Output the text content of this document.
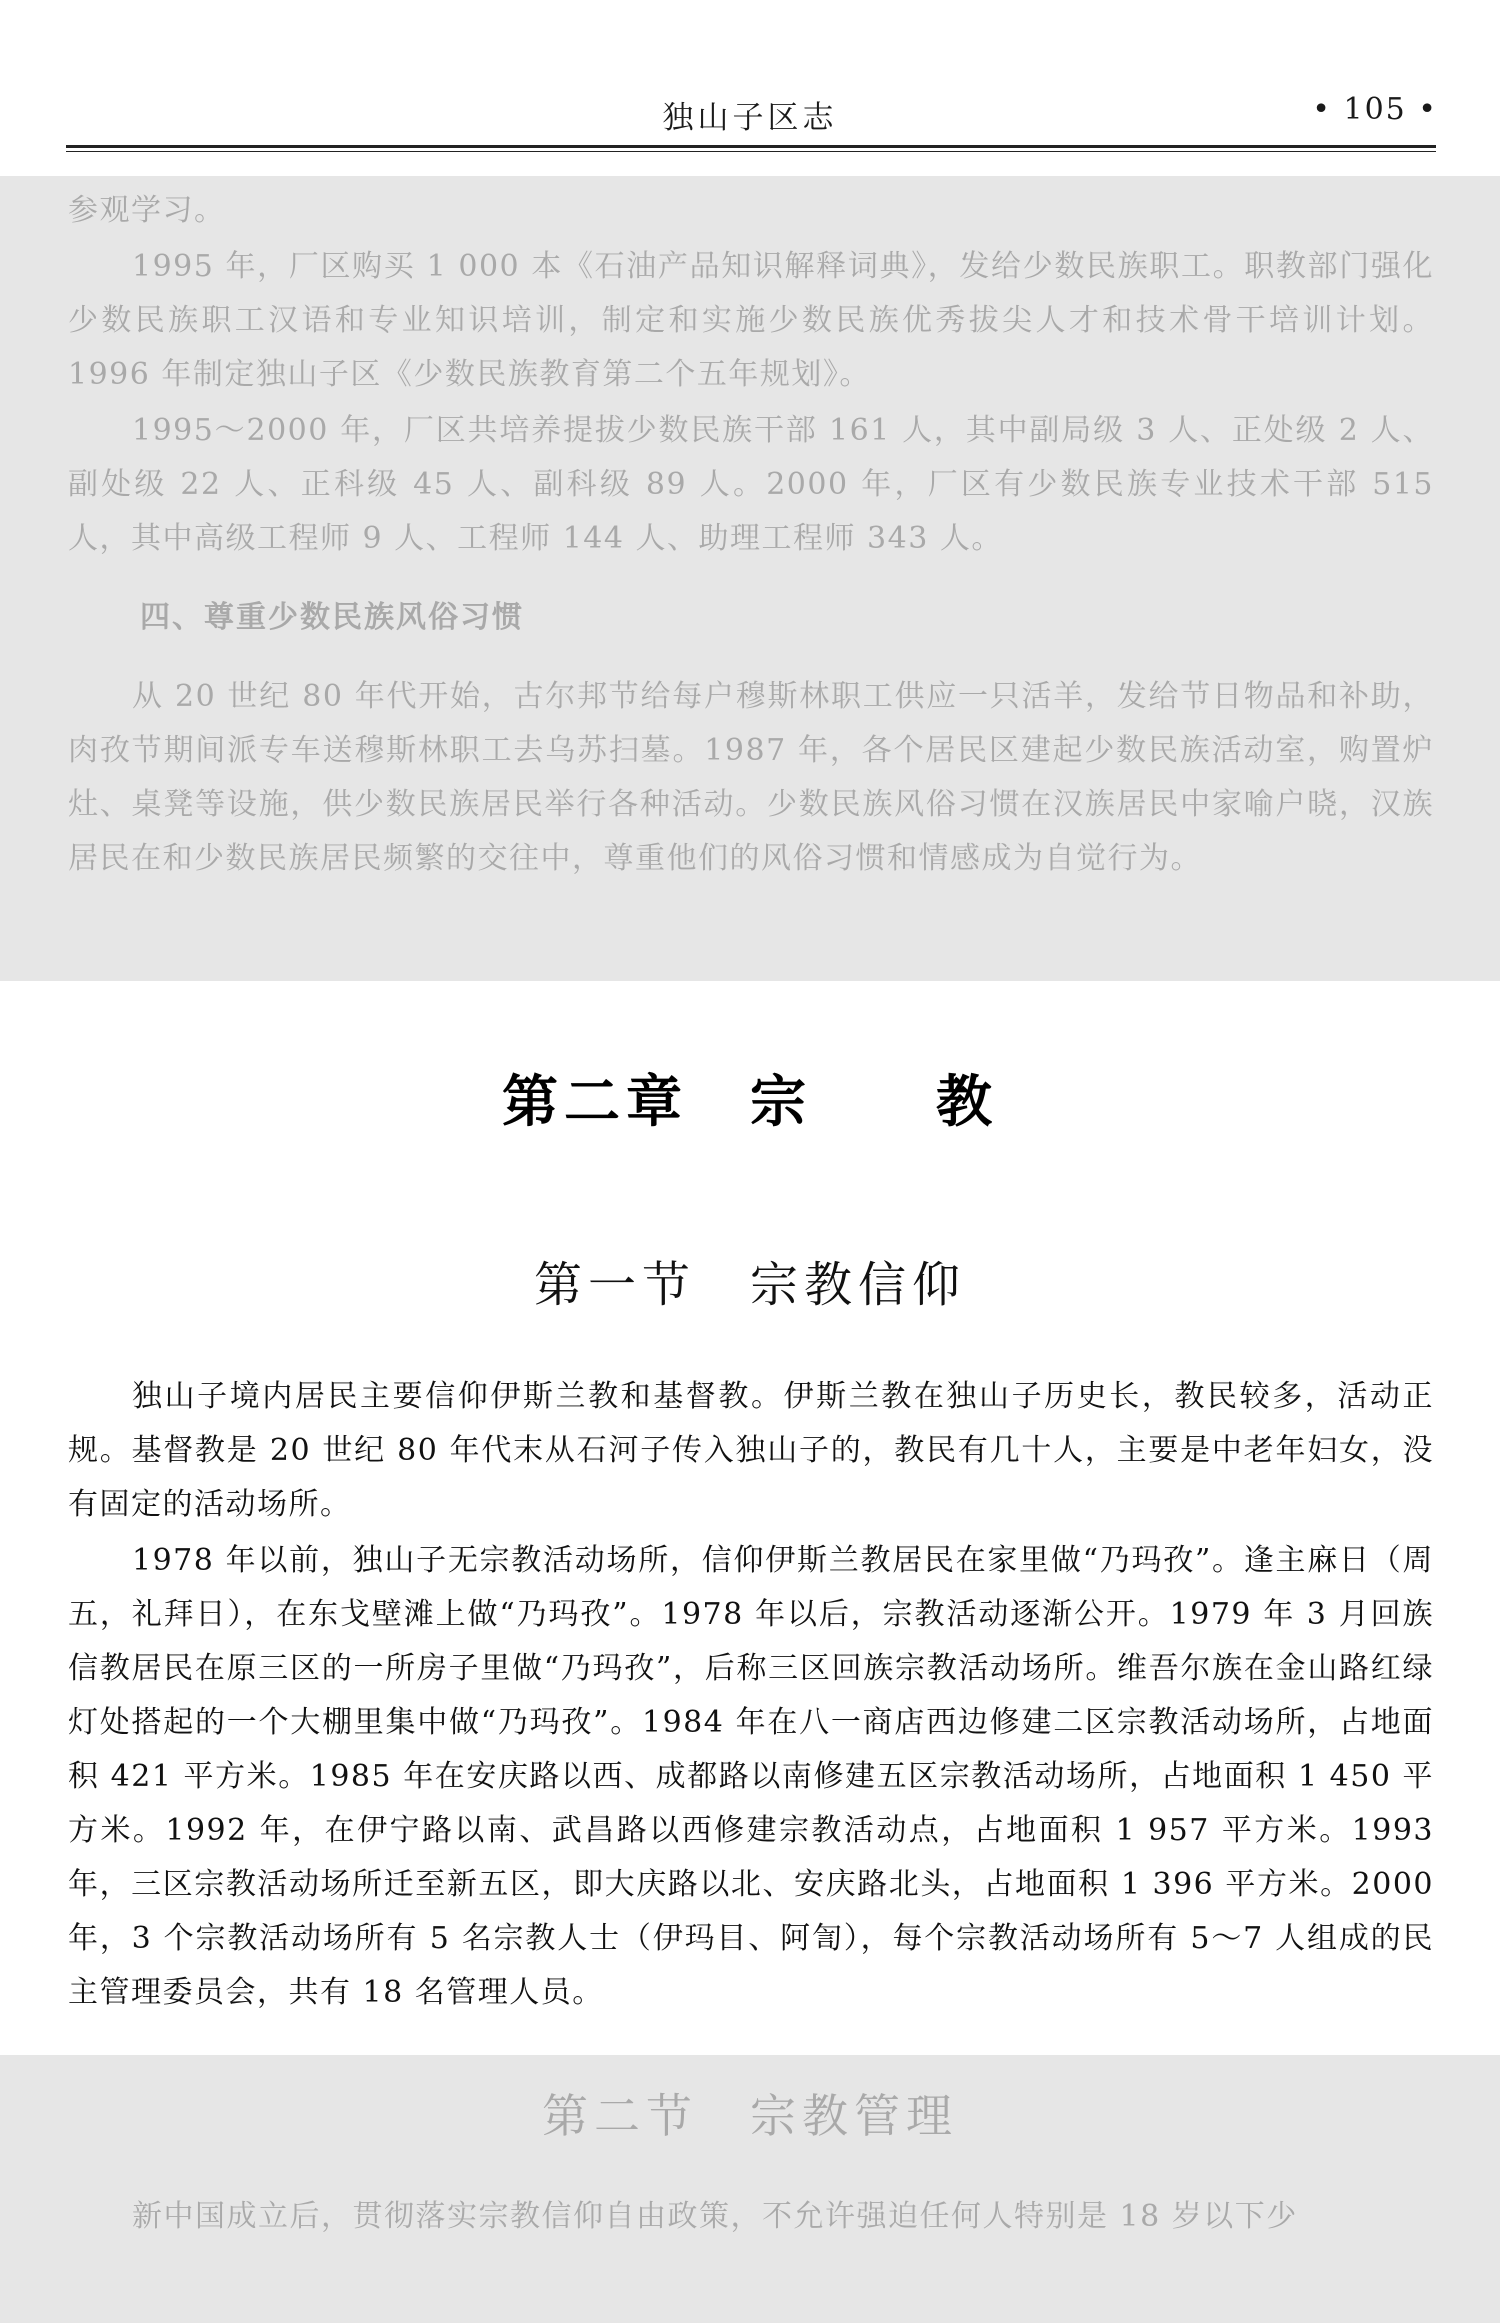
独山子区志	• 105 •

参观学习。

1995 年，厂区购买 1 000 本《石油产品知识解释词典》，发给少数民族职工。职教部门强化少数民族职工汉语和专业知识培训，制定和实施少数民族优秀拔尖人才和技术骨干培训计划。1996 年制定独山子区《少数民族教育第二个五年规划》。

1995～2000 年，厂区共培养提拔少数民族干部 161 人，其中副局级 3 人、正处级 2 人、副处级 22 人、正科级 45 人、副科级 89 人。2000 年，厂区有少数民族专业技术干部 515 人，其中高级工程师 9 人、工程师 144 人、助理工程师 343 人。

四、尊重少数民族风俗习惯

从 20 世纪 80 年代开始，古尔邦节给每户穆斯林职工供应一只活羊，发给节日物品和补助，肉孜节期间派专车送穆斯林职工去乌苏扫墓。1987 年，各个居民区建起少数民族活动室，购置炉灶、桌凳等设施，供少数民族居民举行各种活动。少数民族风俗习惯在汉族居民中家喻户晓，汉族居民在和少数民族居民频繁的交往中，尊重他们的风俗习惯和情感成为自觉行为。

第二章　宗　　教
第一节　宗教信仰

独山子境内居民主要信仰伊斯兰教和基督教。伊斯兰教在独山子历史长，教民较多，活动正规。基督教是 20 世纪 80 年代末从石河子传入独山子的，教民有几十人，主要是中老年妇女，没有固定的活动场所。

1978 年以前，独山子无宗教活动场所，信仰伊斯兰教居民在家里做“乃玛孜”。逢主麻日（周五，礼拜日），在东戈壁滩上做“乃玛孜”。1978 年以后，宗教活动逐渐公开。1979 年 3 月回族信教居民在原三区的一所房子里做“乃玛孜”，后称三区回族宗教活动场所。维吾尔族在金山路红绿灯处搭起的一个大棚里集中做“乃玛孜”。1984 年在八一商店西边修建二区宗教活动场所，占地面积 421 平方米。1985 年在安庆路以西、成都路以南修建五区宗教活动场所，占地面积 1 450 平方米。1992 年，在伊宁路以南、武昌路以西修建宗教活动点，占地面积 1 957 平方米。1993 年，三区宗教活动场所迁至新五区，即大庆路以北、安庆路北头，占地面积 1 396 平方米。2000 年，3 个宗教活动场所有 5 名宗教人士（伊玛目、阿訇），每个宗教活动场所有 5～7 人组成的民主管理委员会，共有 18 名管理人员。

第二节　宗教管理
新中国成立后，贯彻落实宗教信仰自由政策，不允许强迫任何人特别是 18 岁以下少
